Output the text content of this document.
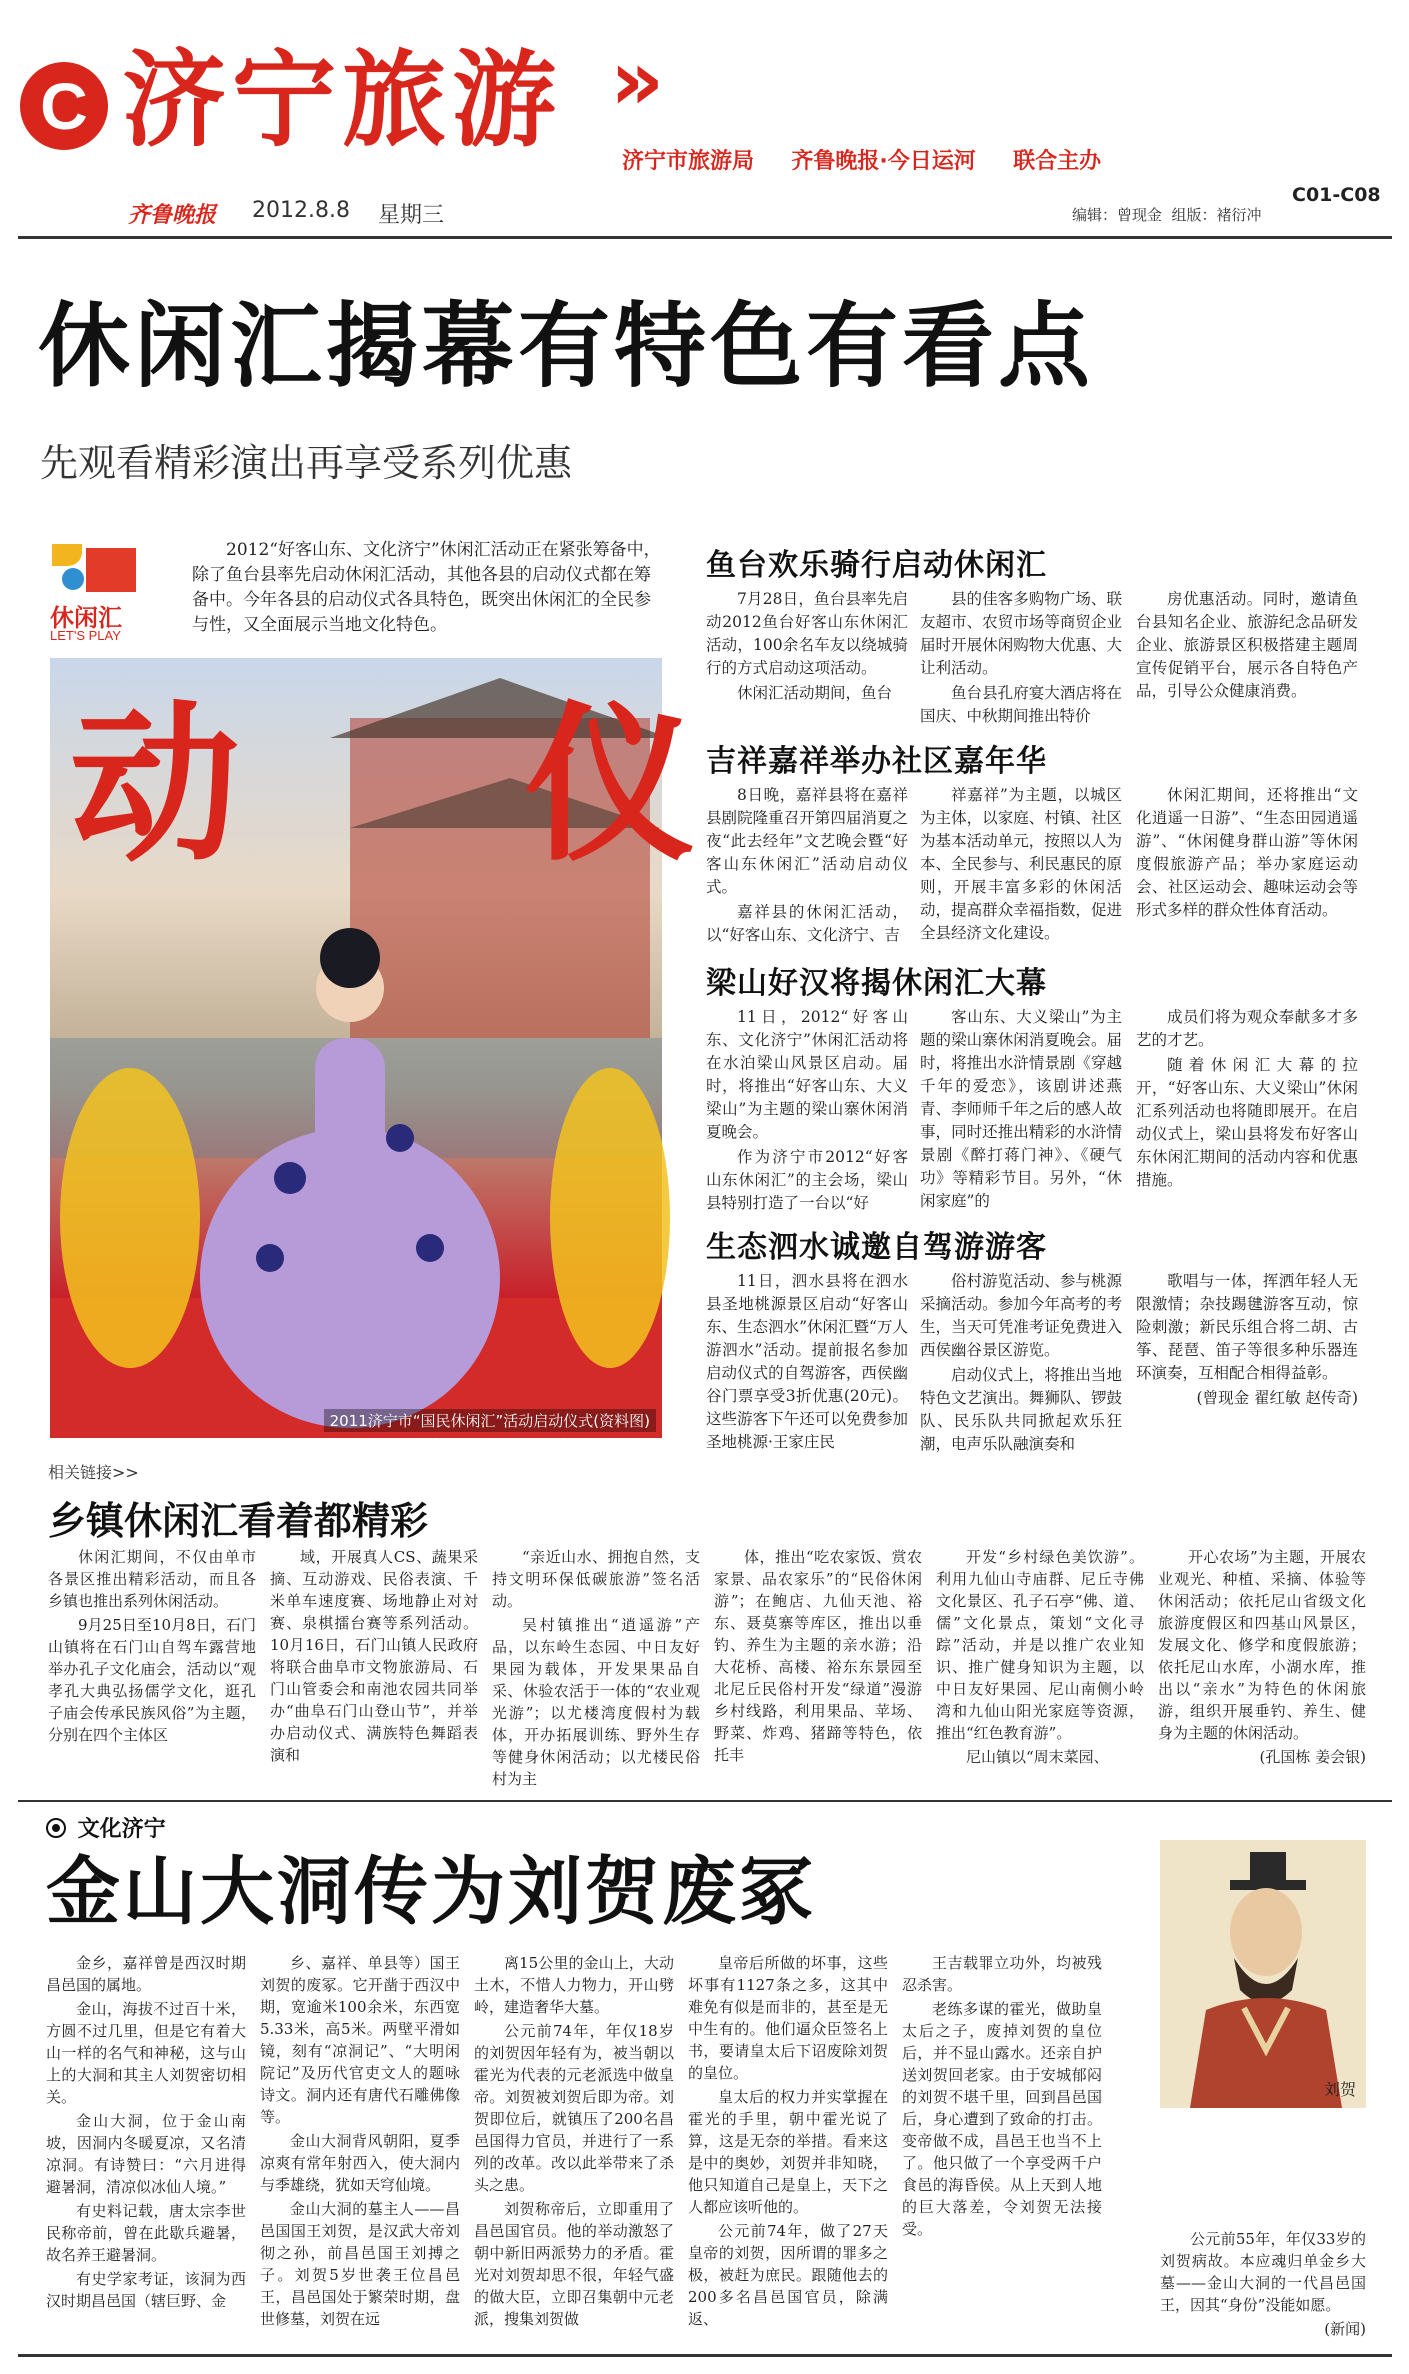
C 济宁旅游 »
济宁市旅游局 齐鲁晚报·今日运河 联合主办
齐鲁晚报 2012.8.8 星期三	编辑：曾现金  组版：褚衍冲
C01-C08
休闲汇揭幕有特色有看点
先观看精彩演出再享受系列优惠
休闲汇
LET'S PLAY
2012“好客山东、文化济宁”休闲汇活动正在紧张筹备中，除了鱼台县率先启动休闲汇活动，其他各县的启动仪式都在筹备中。今年各县的启动仪式各具特色，既突出休闲汇的全民参与性，又全面展示当地文化特色。
动 仪
2011济宁市“国民休闲汇”活动启动仪式(资料图)
鱼台欢乐骑行启动休闲汇

7月28日，鱼台县率先启动2012鱼台好客山东休闲汇活动，100余名车友以绕城骑行的方式启动这项活动。

休闲汇活动期间，鱼台

县的佳客多购物广场、联友超市、农贸市场等商贸企业届时开展休闲购物大优惠、大让利活动。

鱼台县孔府宴大酒店将在国庆、中秋期间推出特价

房优惠活动。同时，邀请鱼台县知名企业、旅游纪念品研发企业、旅游景区积极搭建主题周宣传促销平台，展示各自特色产品，引导公众健康消费。

吉祥嘉祥举办社区嘉年华

8日晚，嘉祥县将在嘉祥县剧院隆重召开第四届消夏之夜“此去经年”文艺晚会暨“好客山东休闲汇”活动启动仪式。

嘉祥县的休闲汇活动，以“好客山东、文化济宁、吉

祥嘉祥”为主题，以城区为主体，以家庭、村镇、社区为基本活动单元，按照以人为本、全民参与、利民惠民的原则，开展丰富多彩的休闲活动，提高群众幸福指数，促进全县经济文化建设。

休闲汇期间，还将推出“文化逍遥一日游”、“生态田园逍遥游”、“休闲健身群山游”等休闲度假旅游产品；举办家庭运动会、社区运动会、趣味运动会等形式多样的群众性体育活动。

梁山好汉将揭休闲汇大幕

11日，2012“好客山东、文化济宁”休闲汇活动将在水泊梁山风景区启动。届时，将推出“好客山东、大义梁山”为主题的梁山寨休闲消夏晚会。

作为济宁市2012“好客山东休闲汇”的主会场，梁山县特别打造了一台以“好

客山东、大义梁山”为主题的梁山寨休闲消夏晚会。届时，将推出水浒情景剧《穿越千年的爱恋》，该剧讲述燕青、李师师千年之后的感人故事，同时还推出精彩的水浒情景剧《醉打蒋门神》、《硬气功》等精彩节目。另外，“休闲家庭”的

成员们将为观众奉献多才多艺的才艺。

随着休闲汇大幕的拉开，“好客山东、大义梁山”休闲汇系列活动也将随即展开。在启动仪式上，梁山县将发布好客山东休闲汇期间的活动内容和优惠措施。

生态泗水诚邀自驾游游客

11日，泗水县将在泗水县圣地桃源景区启动“好客山东、生态泗水”休闲汇暨“万人游泗水”活动。提前报名参加启动仪式的自驾游客，西侯幽谷门票享受3折优惠(20元)。这些游客下午还可以免费参加圣地桃源·王家庄民

俗村游览活动、参与桃源采摘活动。参加今年高考的考生，当天可凭准考证免费进入西侯幽谷景区游览。

启动仪式上，将推出当地特色文艺演出。舞狮队、锣鼓队、民乐队共同掀起欢乐狂潮，电声乐队融演奏和

歌唱与一体，挥洒年轻人无限激情；杂技踢毽游客互动，惊险刺激；新民乐组合将二胡、古筝、琵琶、笛子等很多种乐器连环演奏，互相配合相得益彰。

(曾现金 翟红敏 赵传奇)

相关链接>>
乡镇休闲汇看着都精彩

休闲汇期间，不仅由单市各景区推出精彩活动，而且各乡镇也推出系列休闲活动。

9月25日至10月8日，石门山镇将在石门山自驾车露营地举办孔子文化庙会，活动以“观孝孔大典弘扬儒学文化，逛孔子庙会传承民族风俗”为主题，分别在四个主体区

域，开展真人CS、蔬果采摘、互动游戏、民俗表演、千米单车速度赛、场地静止对対赛、泉棋擂台赛等系列活动。10月16日，石门山镇人民政府将联合曲阜市文物旅游局、石门山管委会和南池农园共同举办“曲阜石门山登山节”，并举办启动仪式、满族特色舞蹈表演和

“亲近山水、拥抱自然，支持文明环保低碳旅游”签名活动。

吴村镇推出“逍遥游”产品，以东岭生态园、中日友好果园为载体，开发果果品自采、休验农活于一体的“农业观光游”；以尤楼湾度假村为载体，开办拓展训练、野外生存等健身休闲活动；以尤楼民俗村为主

体，推出“吃农家饭、赏农家景、品农家乐”的“民俗休闲游”；在鲍店、九仙天池、裕东、聂莫寨等库区，推出以垂钓、养生为主题的亲水游；沿大花桥、高楼、裕东东景园至北尼丘民俗村开发“绿道”漫游乡村线路，利用果品、苹场、野菜、炸鸡、猪蹄等特色，依托丰

开发“乡村绿色美饮游”。利用九仙山寺庙群、尼丘寺佛文化景区、孔子石亭“佛、道、儒”文化景点，策划“文化寻踪”活动，并是以推广农业知识、推广健身知识为主题，以中日友好果园、尼山南侧小岭湾和九仙山阳光家庭等资源，推出“红色教育游”。

尼山镇以“周末菜园、

开心农场”为主题，开展农业观光、种植、采摘、体验等休闲活动；依托尼山省级文化旅游度假区和四基山风景区，发展文化、修学和度假旅游；依托尼山水库，小湖水库，推出以“亲水”为特色的休闲旅游，组织开展垂钓、养生、健身为主题的休闲活动。

(孔国栋 姜会银)

文化济宁
金山大洞传为刘贺废冢

金乡，嘉祥曾是西汉时期昌邑国的属地。

金山，海拔不过百十米，方圆不过几里，但是它有着大山一样的名气和神秘，这与山上的大洞和其主人刘贺密切相关。

金山大洞，位于金山南坡，因洞内冬暖夏凉，又名清凉洞。有诗赞曰：“六月进得避暑洞，清凉似冰仙人境。”

有史料记载，唐太宗李世民称帝前，曾在此歇兵避暑，故名养王避暑洞。

有史学家考证，该洞为西汉时期昌邑国（辖巨野、金

乡、嘉祥、单县等）国王刘贺的废冢。它开凿于西汉中期，宽逾米100余米，东西宽5.33米，高5米。两壁平滑如镜，刻有“凉洞记”、“大明闲院记”及历代官吏文人的题咏诗文。洞内还有唐代石雕佛像等。

金山大洞背风朝阳，夏季凉爽有常年射西入，使大洞内与季雄绕，犹如天穹仙境。

金山大洞的墓主人——昌邑国国王刘贺，是汉武大帝刘彻之孙，前昌邑国王刘搏之子。刘贺5岁世袭王位昌邑王，昌邑国处于繁荣时期，盘世修墓，刘贺在远

离15公里的金山上，大动土木，不惜人力物力，开山劈岭，建造奢华大墓。

公元前74年，年仅18岁的刘贺因年轻有为，被当朝以霍光为代表的元老派选中做皇帝。刘贺被刘贺后即为帝。刘贺即位后，就镇压了200名昌邑国得力官员，并进行了一系列的改革。改以此举带来了杀头之患。

刘贺称帝后，立即重用了昌邑国官员。他的举动激怒了朝中新旧两派势力的矛盾。霍光对刘贺却思不很，年轻气盛的做大臣，立即召集朝中元老派，搜集刘贺做

皇帝后所做的坏事，这些坏事有1127条之多，这其中难免有似是而非的，甚至是无中生有的。他们逼众臣签名上书，要请皇太后下诏废除刘贺的皇位。

皇太后的权力并实掌握在霍光的手里，朝中霍光说了算，这是无奈的举措。看来这是中的奥妙，刘贺并非知晓，他只知道自己是皇上，天下之人都应该听他的。

公元前74年，做了27天皇帝的刘贺，因所谓的罪多之极，被赶为庶民。跟随他去的200多名昌邑国官员，除满返、

王吉载罪立功外，均被残忍杀害。

老练多谋的霍光，做助皇太后之子，废掉刘贺的皇位后，并不显山露水。还亲自护送刘贺回老家。由于安城郁闷的刘贺不堪千里，回到昌邑国后，身心遭到了致命的打击。变帝做不成，昌邑王也当不上了。他只做了一个享受两千户食邑的海昏侯。从上天到人地的巨大落差，令刘贺无法接受。

刘贺

公元前55年，年仅33岁的刘贺病故。本应魂归单金乡大墓——金山大洞的一代昌邑国王，因其“身份”没能如愿。

(新闻)
